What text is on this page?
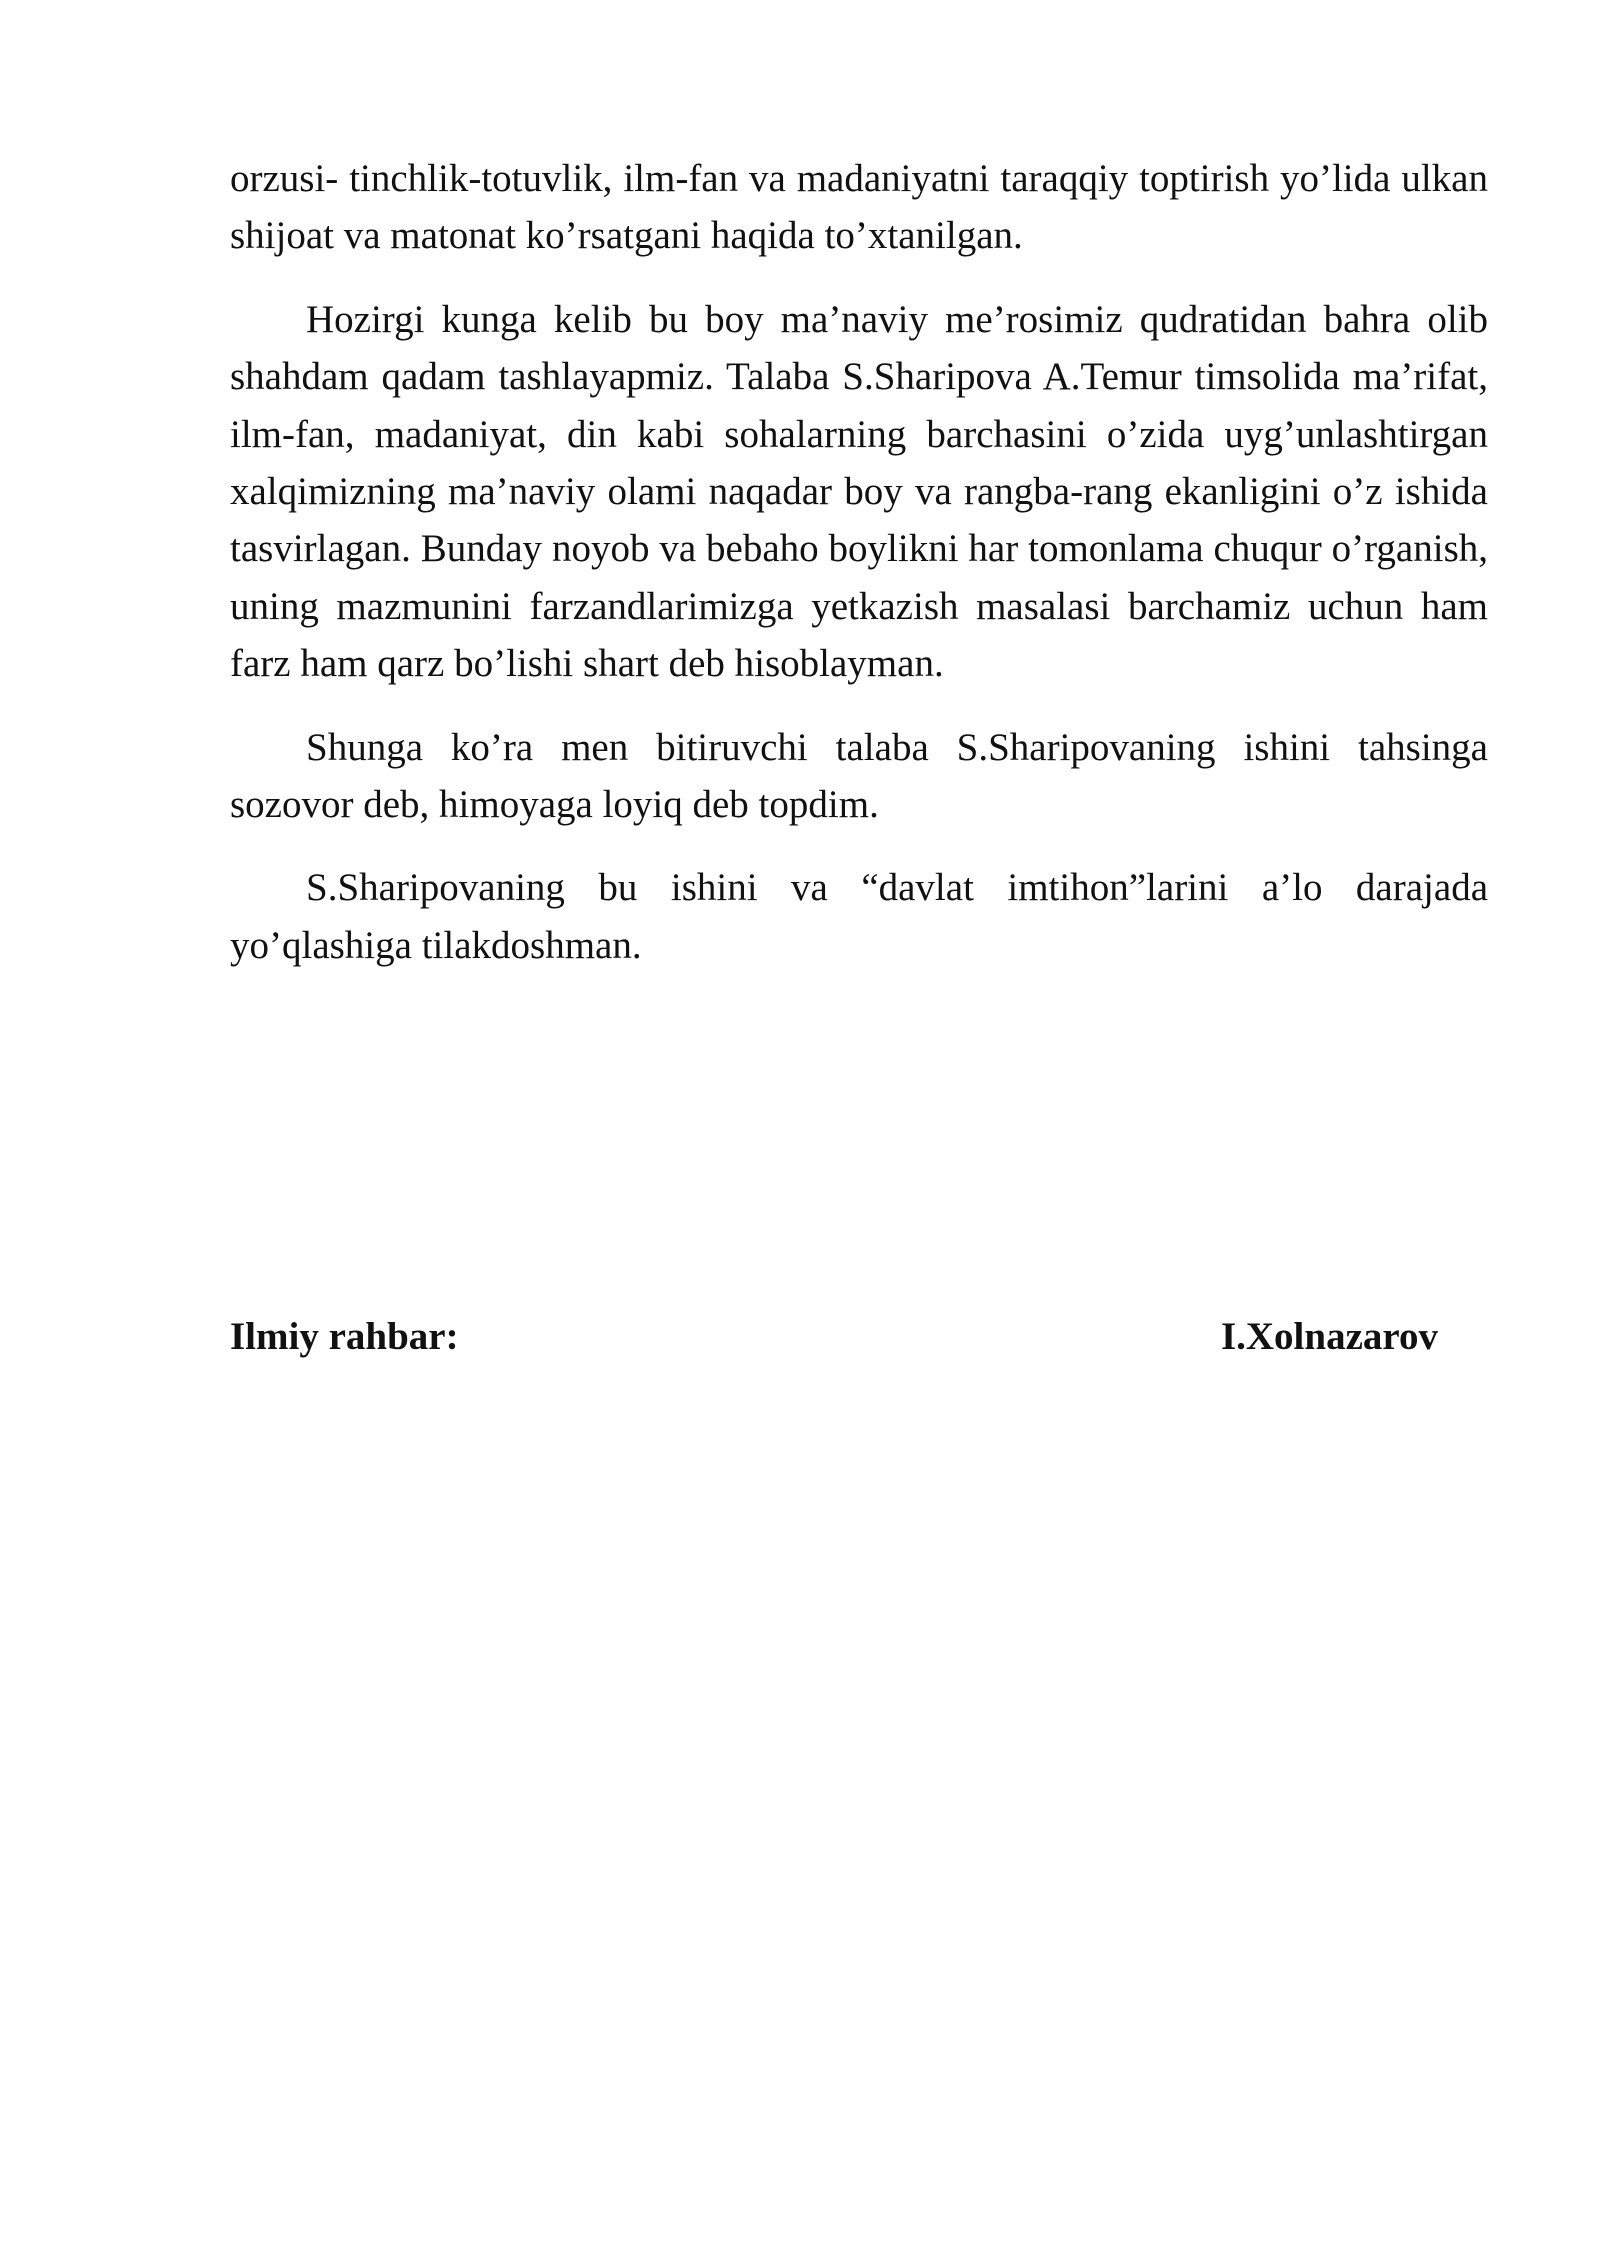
orzusi- tinchlik-totuvlik, ilm-fan va madaniyatni taraqqiy toptirish yo’lida ulkan shijoat va matonat ko’rsatgani haqida to’xtanilgan.

Hozirgi kunga kelib bu boy ma’naviy me’rosimiz qudratidan bahra olib shahdam qadam tashlayapmiz. Talaba S.Sharipova A.Temur timsolida ma’rifat, ilm-fan, madaniyat, din kabi sohalarning barchasini o’zida uyg’unlashtirgan xalqimizning ma’naviy olami naqadar boy va rangba-rang ekanligini o’z ishida tasvirlagan. Bunday noyob va bebaho boylikni har tomonlama chuqur o’rganish, uning mazmunini farzandlarimizga yetkazish masalasi barchamiz uchun ham farz ham qarz bo’lishi shart deb hisoblayman.

Shunga ko’ra men bitiruvchi talaba S.Sharipovaning ishini tahsinga sozovor deb, himoyaga loyiq deb topdim.

S.Sharipovaning bu ishini va “davlat imtihon”larini a’lo darajada yo’qlashiga tilakdoshman.

Ilmiy rahbar:	I.Xolnazarov
